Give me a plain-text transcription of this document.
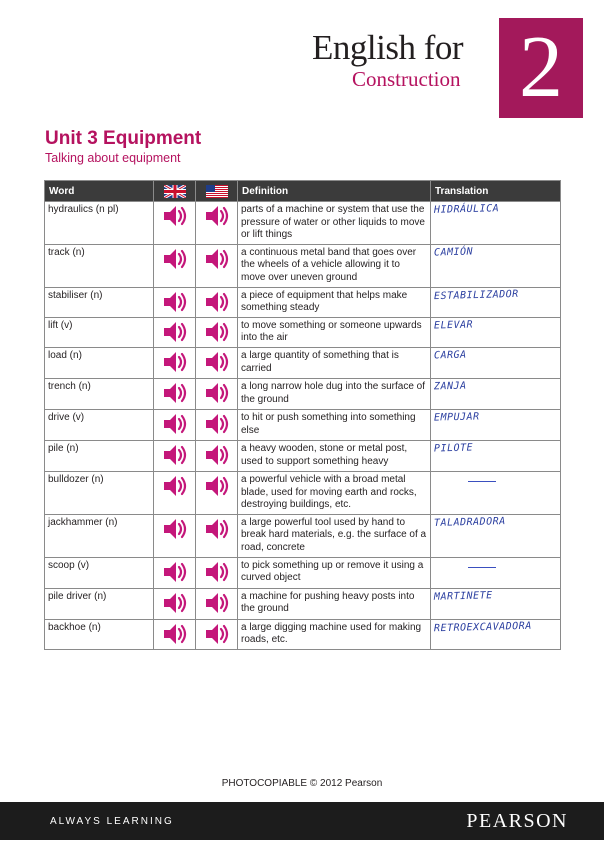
English for
Construction 2
Unit 3 Equipment
Talking about equipment
Word			Definition	Translation
hydraulics (n pl)			parts of a machine or system that use the pressure of water or other liquids to move or lift things	HIDRÁULICA
track (n)			a continuous metal band that goes over the wheels of a vehicle allowing it to move over uneven ground	CAMIÓN
stabiliser (n)			a piece of equipment that helps make something steady	ESTABILIZADOR
lift (v)			to move something or someone upwards into the air	ELEVAR
load (n)			a large quantity of something that is carried	CARGA
trench (n)			a long narrow hole dug into the surface of the ground	ZANJA
drive (v)			to hit or push something into something else	EMPUJAR
pile (n)			a heavy wooden, stone or metal post, used to support something heavy	PILOTE
bulldozer (n)			a powerful vehicle with a broad metal blade, used for moving earth and rocks, destroying buildings, etc.	
jackhammer (n)			a large powerful tool used by hand to break hard materials, e.g. the surface of a road, concrete	TALADRADORA
scoop (v)			to pick something up or remove it using a curved object	
pile driver (n)			a machine for pushing heavy posts into the ground	MARTINETE
backhoe (n)			a large digging machine used for making roads, etc.	RETROEXCAVADORA
PHOTOCOPIABLE © 2012 Pearson
ALWAYS LEARNING	PEARSON
